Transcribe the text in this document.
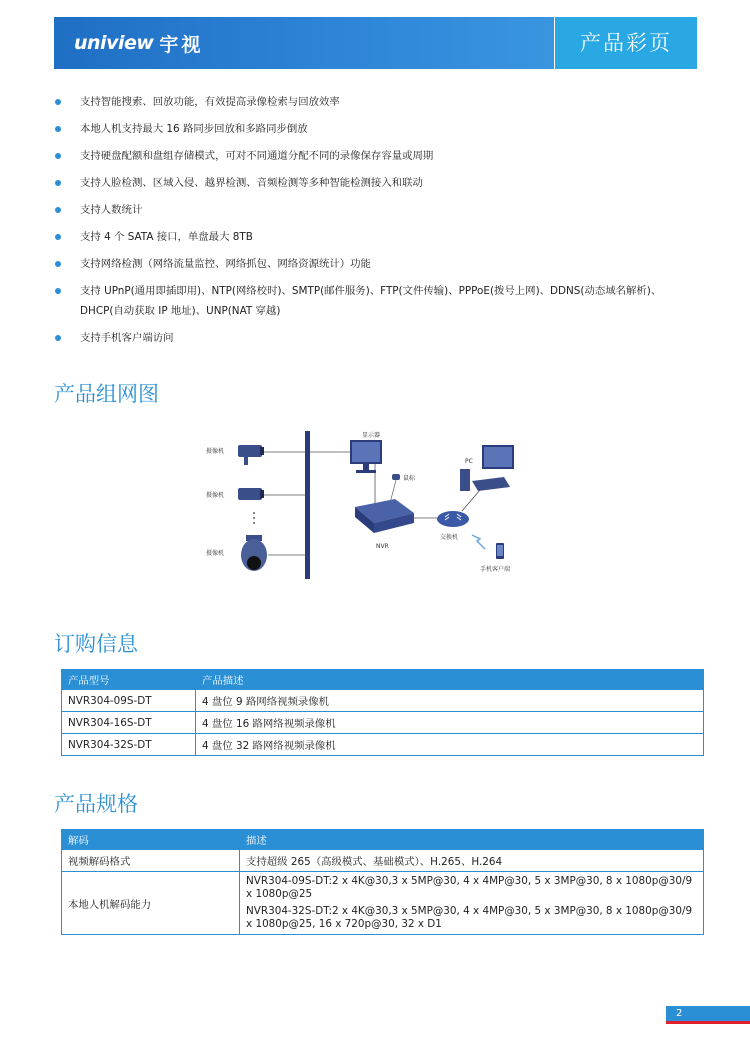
uniview 宇视	产品彩页
支持智能搜索、回放功能，有效提高录像检索与回放效率
本地人机支持最大 16 路同步回放和多路同步倒放
支持硬盘配额和盘组存储模式，可对不同通道分配不同的录像保存容量或周期
支持人脸检测、区域入侵、越界检测、音频检测等多种智能检测接入和联动
支持人数统计
支持 4 个 SATA 接口，单盘最大 8TB
支持网络检测（网络流量监控、网络抓包、网络资源统计）功能
支持 UPnP(通用即插即用)、NTP(网络校时)、SMTP(邮件服务)、FTP(文件传输)、PPPoE(拨号上网)、DDNS(动态域名解析)、DHCP(自动获取 IP 地址)、UNP(NAT 穿越)
支持手机客户端访问
产品组网图
摄像机
摄像机
摄像机
显示器
鼠标
NVR
交换机
PC
手机客户端
订购信息
产品型号	产品描述
NVR304-09S-DT	4 盘位 9 路网络视频录像机
NVR304-16S-DT	4 盘位 16 路网络视频录像机
NVR304-32S-DT	4 盘位 32 路网络视频录像机
产品规格
解码	描述
视频解码格式	支持超级 265（高级模式、基础模式）、H.265、H.264
本地人机解码能力	NVR304-09S-DT:2 x 4K@30,3 x 5MP@30, 4 x 4MP@30, 5 x 3MP@30, 8 x 1080p@30/9 x 1080p@25

NVR304-32S-DT:2 x 4K@30,3 x 5MP@30, 4 x 4MP@30, 5 x 3MP@30, 8 x 1080p@30/9 x 1080p@25, 16 x 720p@30, 32 x D1

2
